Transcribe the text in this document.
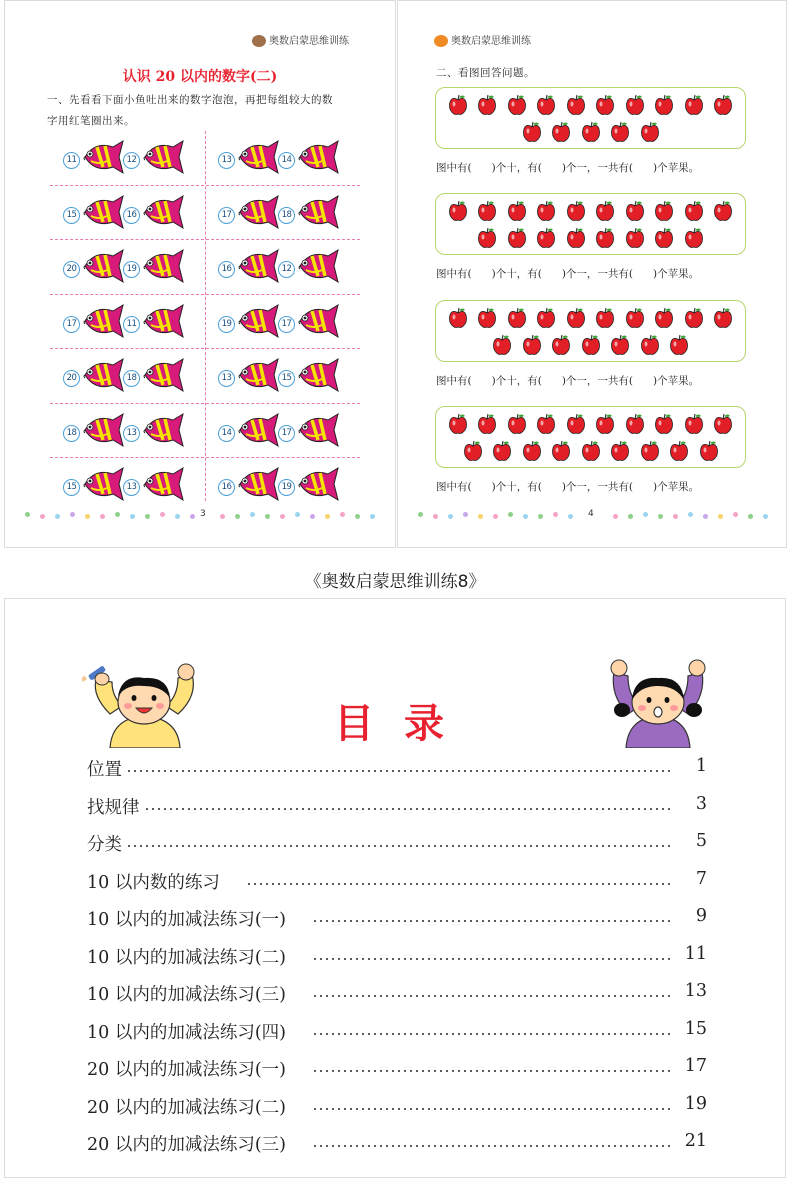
奥数启蒙思维训练
认识 20 以内的数字(二)
一、先看看下面小鱼吐出来的数字泡泡，再把每组较大的数
字用红笔圈出来。
11	12	13	14
15	16	17	18
20	19	16	12
17	11	19	17
20	18	13	15
18	13	14	17
15	13	16	19
3
奥数启蒙思维训练
二、看图回答问题。
4
图中有(      )个十，有(      )个一，一共有(      )个苹果。
图中有(      )个十，有(      )个一，一共有(      )个苹果。
图中有(      )个十，有(      )个一，一共有(      )个苹果。
图中有(      )个十，有(      )个一，一共有(      )个苹果。
《奥数启蒙思维训练8》
目录
位置	1
找规律	3
分类	5
10 以内数的练习	7
10 以内的加减法练习(一)	9
10 以内的加减法练习(二)	11
10 以内的加减法练习(三)	13
10 以内的加减法练习(四)	15
20 以内的加减法练习(一)	17
20 以内的加减法练习(二)	19
20 以内的加减法练习(三)	21
